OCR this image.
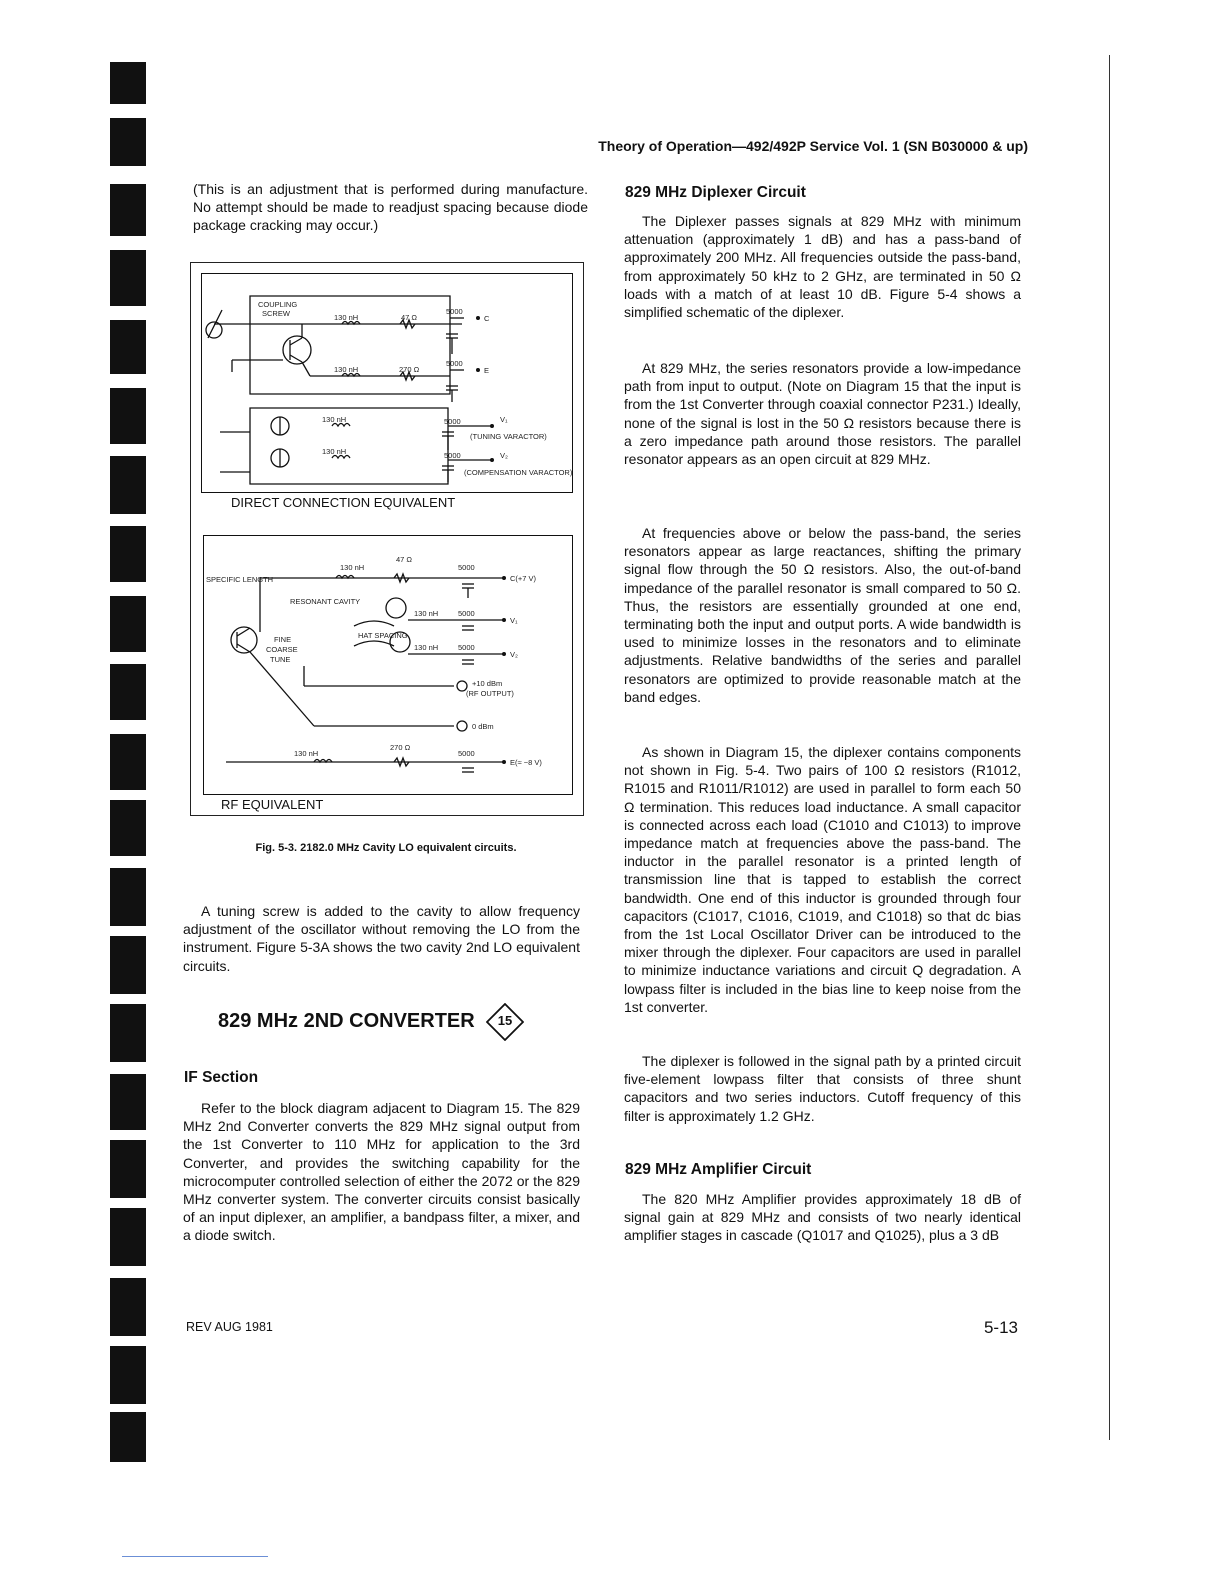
Theory of Operation—492/492P Service Vol. 1 (SN B030000 & up)

(This is an adjustment that is performed during manufacture. No attempt should be made to readjust spacing because diode package cracking may occur.)

COUPLING
SCREW	130 nH	47 Ω
5000
C
130 nH	270 Ω
5000
E
130 nH	5000	V₁
(TUNING VARACTOR)
130 nH	5000	V₂
(COMPENSATION VARACTOR)
DIRECT CONNECTION EQUIVALENT
SPECIFIC LENGTH
RESONANT CAVITY
FINE
COARSE
TUNE
HAT SPACING
130 nH
47 Ω
5000
C(+7 V)
130 nH	5000
V₁
130 nH	5000
V₂
+10 dBm
(RF OUTPUT)
0 dBm
130 nH
270 Ω
5000
E(≈ −8 V)
RF EQUIVALENT
Fig. 5-3. 2182.0 MHz Cavity LO equivalent circuits.

A tuning screw is added to the cavity to allow frequency adjustment of the oscillator without removing the LO from the instrument. Figure 5-3A shows the two cavity 2nd LO equivalent circuits.

829 MHz 2ND CONVERTER	15
IF Section

Refer to the block diagram adjacent to Diagram 15. The 829 MHz 2nd Converter converts the 829 MHz signal output from the 1st Converter to 110 MHz for application to the 3rd Converter, and provides the switching capability for the microcomputer controlled selection of either the 2072 or the 829 MHz converter system. The converter circuits consist basically of an input diplexer, an amplifier, a bandpass filter, a mixer, and a diode switch.

829 MHz Diplexer Circuit

The Diplexer passes signals at 829 MHz with minimum attenuation (approximately 1 dB) and has a pass-band of approximately 200 MHz. All frequencies outside the pass-band, from approximately 50 kHz to 2 GHz, are terminated in 50 Ω loads with a match of at least 10 dB. Figure 5-4 shows a simplified schematic of the diplexer.

At 829 MHz, the series resonators provide a low-impedance path from input to output. (Note on Diagram 15 that the input is from the 1st Converter through coaxial connector P231.) Ideally, none of the signal is lost in the 50 Ω resistors because there is a zero impedance path around those resistors. The parallel resonator appears as an open circuit at 829 MHz.

At frequencies above or below the pass-band, the series resonators appear as large reactances, shifting the primary signal flow through the 50 Ω resistors. Also, the out-of-band impedance of the parallel resonator is small compared to 50 Ω. Thus, the resistors are essentially grounded at one end, terminating both the input and output ports. A wide bandwidth is used to minimize losses in the resonators and to eliminate adjustments. Relative bandwidths of the series and parallel resonators are optimized to provide reasonable match at the band edges.

As shown in Diagram 15, the diplexer contains components not shown in Fig. 5-4. Two pairs of 100 Ω resistors (R1012, R1015 and R1011/R1012) are used in parallel to form each 50 Ω termination. This reduces load inductance. A small capacitor is connected across each load (C1010 and C1013) to improve impedance match at frequencies above the pass-band. The inductor in the parallel resonator is a printed length of transmission line that is tapped to establish the correct bandwidth. One end of this inductor is grounded through four capacitors (C1017, C1016, C1019, and C1018) so that dc bias from the 1st Local Oscillator Driver can be introduced to the mixer through the diplexer. Four capacitors are used in parallel to minimize inductance variations and circuit Q degradation. A lowpass filter is included in the bias line to keep noise from the 1st converter.

The diplexer is followed in the signal path by a printed circuit five-element lowpass filter that consists of three shunt capacitors and two series inductors. Cutoff frequency of this filter is approximately 1.2 GHz.

829 MHz Amplifier Circuit

The 820 MHz Amplifier provides approximately 18 dB of signal gain at 829 MHz and consists of two nearly identical amplifier stages in cascade (Q1017 and Q1025), plus a 3 dB

REV AUG 1981	5-13
